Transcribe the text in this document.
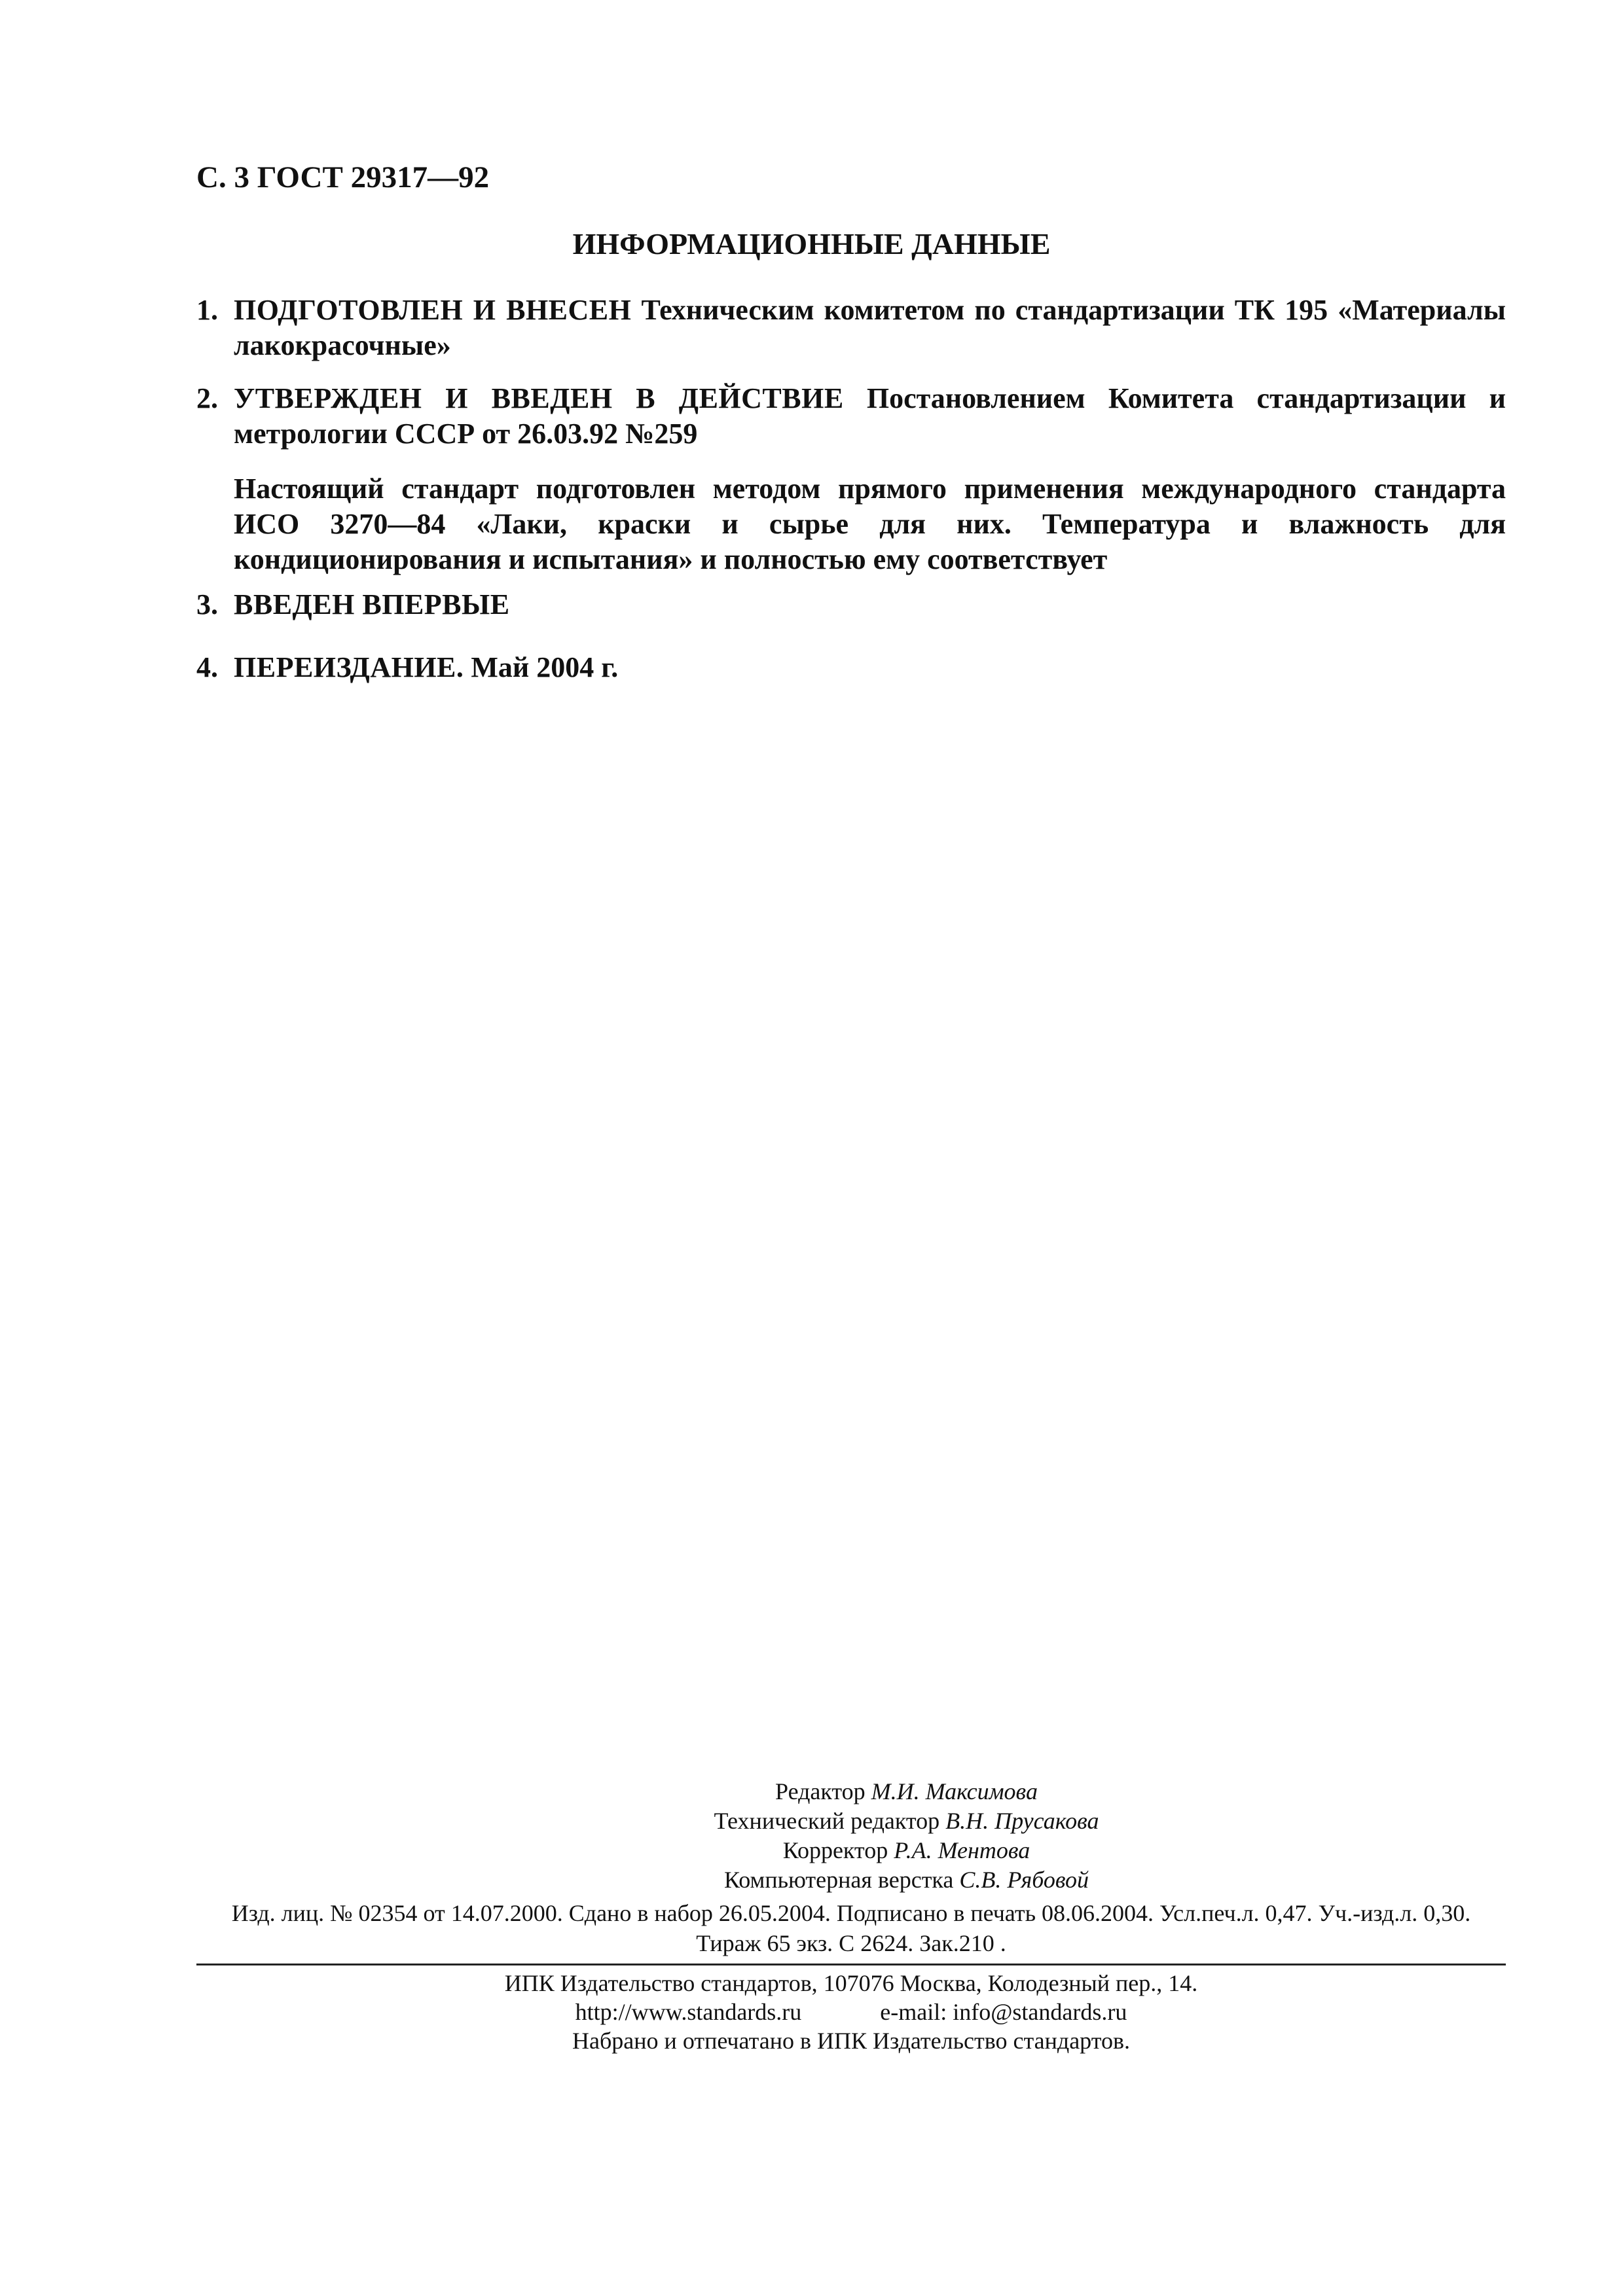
С. 3 ГОСТ 29317—92
ИНФОРМАЦИОННЫЕ ДАННЫЕ
1. ПОДГОТОВЛЕН И ВНЕСЕН Техническим комитетом по стандартизации ТК 195 «Материалы лакокрасочные»
2. УТВЕРЖДЕН И ВВЕДЕН В ДЕЙСТВИЕ Постановлением Комитета стандартизации и метрологии СССР от 26.03.92 №259
Настоящий стандарт подготовлен методом прямого применения международного стандарта ИСО 3270—84 «Лаки, краски и сырье для них. Температура и влажность для кондиционирования и испытания» и полностью ему соответствует
3. ВВЕДЕН ВПЕРВЫЕ
4. ПЕРЕИЗДАНИЕ. Май 2004 г.
Редактор М.И. Максимова
Технический редактор В.Н. Прусакова
Корректор Р.А. Ментова
Компьютерная верстка С.В. Рябовой
Изд. лиц. № 02354 от 14.07.2000. Сдано в набор 26.05.2004. Подписано в печать 08.06.2004. Усл.печ.л. 0,47. Уч.-изд.л. 0,30.
Тираж 65 экз. С 2624. Зак.210 .
ИПК Издательство стандартов, 107076 Москва, Колодезный пер., 14.
http://www.standards.ru	e-mail: info@standards.ru
Набрано и отпечатано в ИПК Издательство стандартов.
